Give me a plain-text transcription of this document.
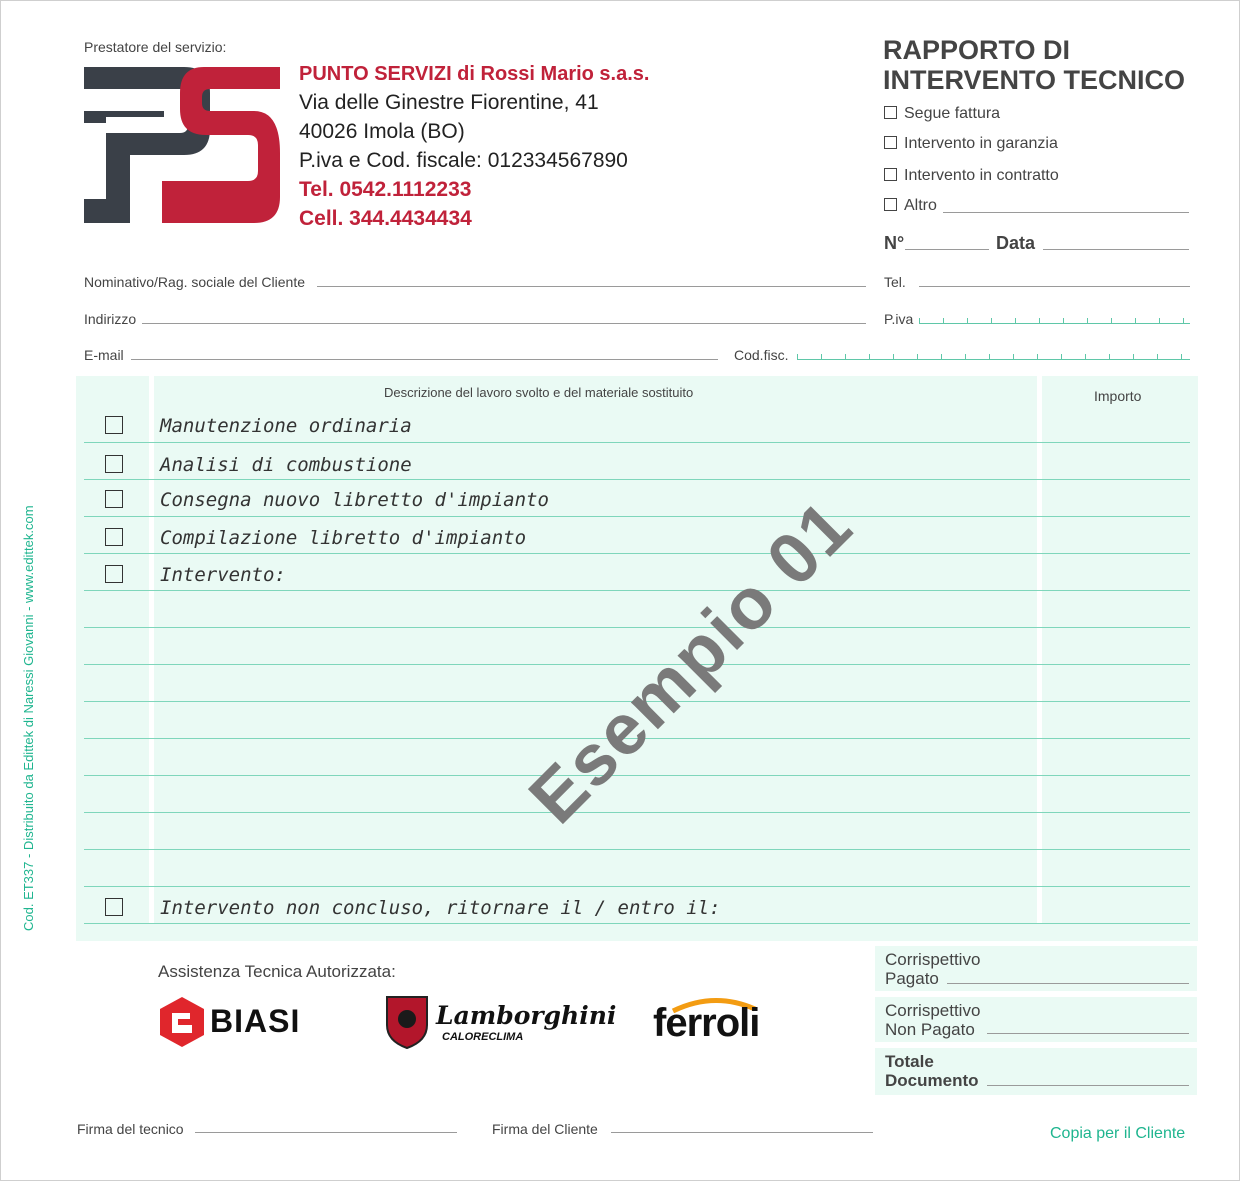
Cod. ET337 - Distribuito da Edittek di Naressi Giovanni - www.edittek.com
Prestatore del servizio:
PUNTO SERVIZI di Rossi Mario s.a.s.
Via delle Ginestre Fiorentine, 41
40026 Imola (BO)
P.iva e Cod. fiscale: 012334567890
Tel. 0542.1112233
Cell. 344.4434434
RAPPORTO DI
INTERVENTO TECNICO
Segue fattura
Intervento in garanzia
Intervento in contratto
Altro
N°	Data
Nominativo/Rag. sociale del Cliente	Tel.
Indirizzo	P.iva
E-mail	Cod.fisc.
Descrizione del lavoro svolto e del materiale sostituito	Importo
Manutenzione ordinaria
Analisi di combustione
Consegna nuovo libretto d'impianto
Compilazione libretto d'impianto
Intervento:
Intervento non concluso, ritornare il / entro il:
Esempio 01
Assistenza Tecnica Autorizzata:
BIASI	Lamborghini
CALORECLIMA	ferroli
Corrispettivo
Pagato
Corrispettivo
Non Pagato
Totale
Documento
Firma del tecnico	Firma del Cliente	Copia per il Cliente
